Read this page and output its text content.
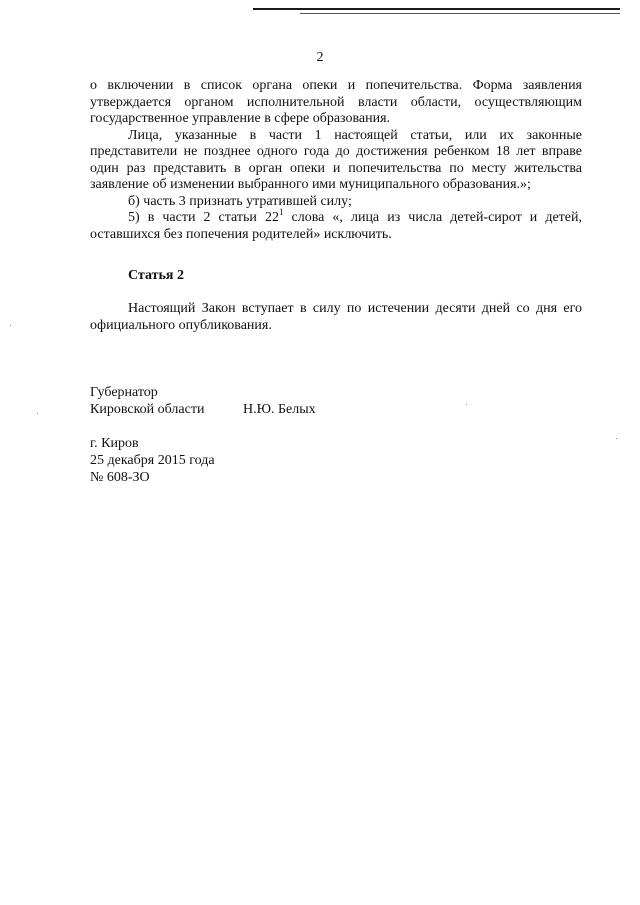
2

о включении в список органа опеки и попечительства. Форма заявления утверждается органом исполнительной власти области, осуществляющим государственное управление в сфере образования.

Лица, указанные в части 1 настоящей статьи, или их законные представители не позднее одного года до достижения ребенком 18 лет вправе один раз представить в орган опеки и попечительства по месту жительства заявление об изменении выбранного ими муниципального образования.»;

б) часть 3 признать утратившей силу;

5) в части 2 статьи $22^1$ слова «, лица из числа детей-сирот и детей, оставшихся без попечения родителей» исключить.

Статья 2

Настоящий Закон вступает в силу по истечении десяти дней со дня его официального опубликования.

Губернатор
Кировской области	Н.Ю. Белых
г. Киров
25 декабря 2015 года
№ 608-ЗО
